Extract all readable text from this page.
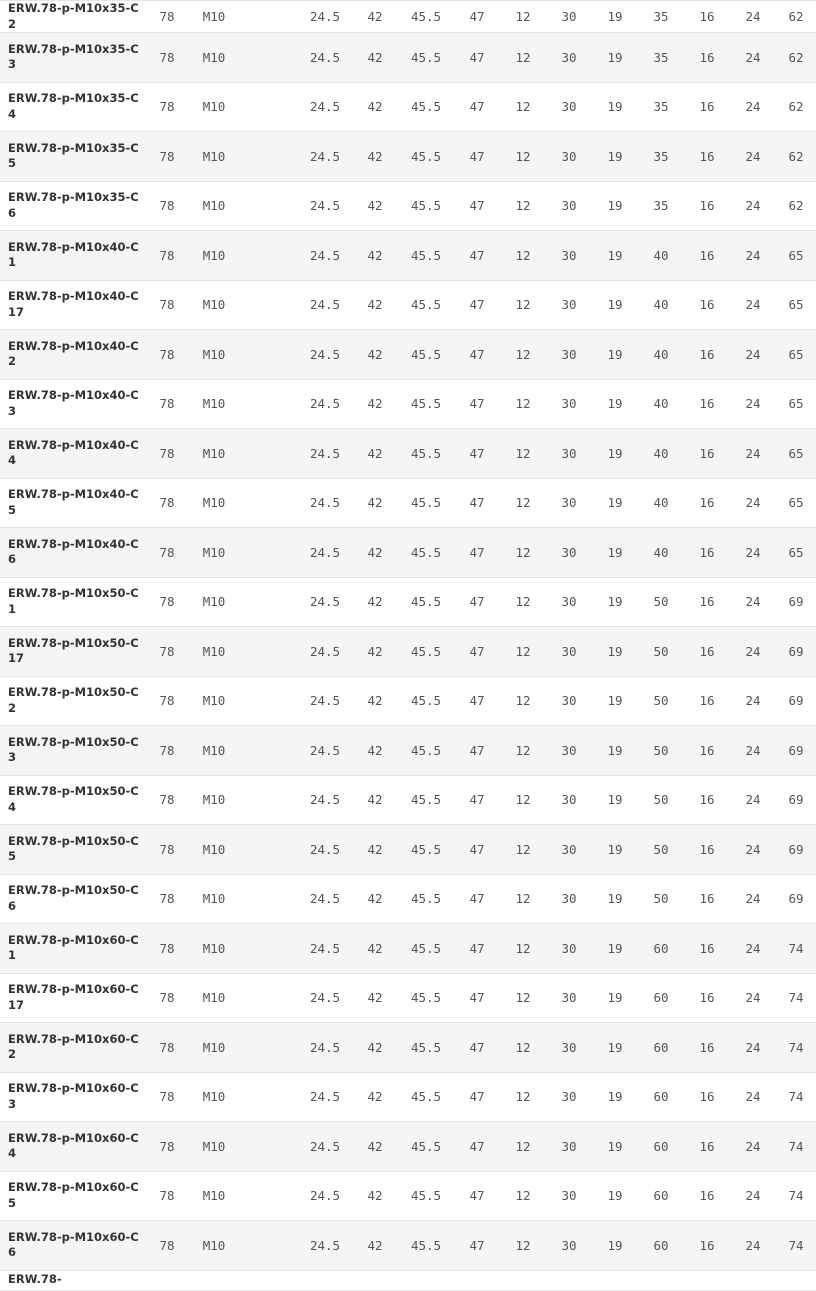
ERW.78-p-M10x35-C2	78	M10		24.5	42	45.5	47	12	30	19	35	16	24	62
ERW.78-p-M10x35-C3	78	M10		24.5	42	45.5	47	12	30	19	35	16	24	62
ERW.78-p-M10x35-C4	78	M10		24.5	42	45.5	47	12	30	19	35	16	24	62
ERW.78-p-M10x35-C5	78	M10		24.5	42	45.5	47	12	30	19	35	16	24	62
ERW.78-p-M10x35-C6	78	M10		24.5	42	45.5	47	12	30	19	35	16	24	62
ERW.78-p-M10x40-C1	78	M10		24.5	42	45.5	47	12	30	19	40	16	24	65
ERW.78-p-M10x40-C17	78	M10		24.5	42	45.5	47	12	30	19	40	16	24	65
ERW.78-p-M10x40-C2	78	M10		24.5	42	45.5	47	12	30	19	40	16	24	65
ERW.78-p-M10x40-C3	78	M10		24.5	42	45.5	47	12	30	19	40	16	24	65
ERW.78-p-M10x40-C4	78	M10		24.5	42	45.5	47	12	30	19	40	16	24	65
ERW.78-p-M10x40-C5	78	M10		24.5	42	45.5	47	12	30	19	40	16	24	65
ERW.78-p-M10x40-C6	78	M10		24.5	42	45.5	47	12	30	19	40	16	24	65
ERW.78-p-M10x50-C1	78	M10		24.5	42	45.5	47	12	30	19	50	16	24	69
ERW.78-p-M10x50-C17	78	M10		24.5	42	45.5	47	12	30	19	50	16	24	69
ERW.78-p-M10x50-C2	78	M10		24.5	42	45.5	47	12	30	19	50	16	24	69
ERW.78-p-M10x50-C3	78	M10		24.5	42	45.5	47	12	30	19	50	16	24	69
ERW.78-p-M10x50-C4	78	M10		24.5	42	45.5	47	12	30	19	50	16	24	69
ERW.78-p-M10x50-C5	78	M10		24.5	42	45.5	47	12	30	19	50	16	24	69
ERW.78-p-M10x50-C6	78	M10		24.5	42	45.5	47	12	30	19	50	16	24	69
ERW.78-p-M10x60-C1	78	M10		24.5	42	45.5	47	12	30	19	60	16	24	74
ERW.78-p-M10x60-C17	78	M10		24.5	42	45.5	47	12	30	19	60	16	24	74
ERW.78-p-M10x60-C2	78	M10		24.5	42	45.5	47	12	30	19	60	16	24	74
ERW.78-p-M10x60-C3	78	M10		24.5	42	45.5	47	12	30	19	60	16	24	74
ERW.78-p-M10x60-C4	78	M10		24.5	42	45.5	47	12	30	19	60	16	24	74
ERW.78-p-M10x60-C5	78	M10		24.5	42	45.5	47	12	30	19	60	16	24	74
ERW.78-p-M10x60-C6	78	M10		24.5	42	45.5	47	12	30	19	60	16	24	74
ERW.78-														
